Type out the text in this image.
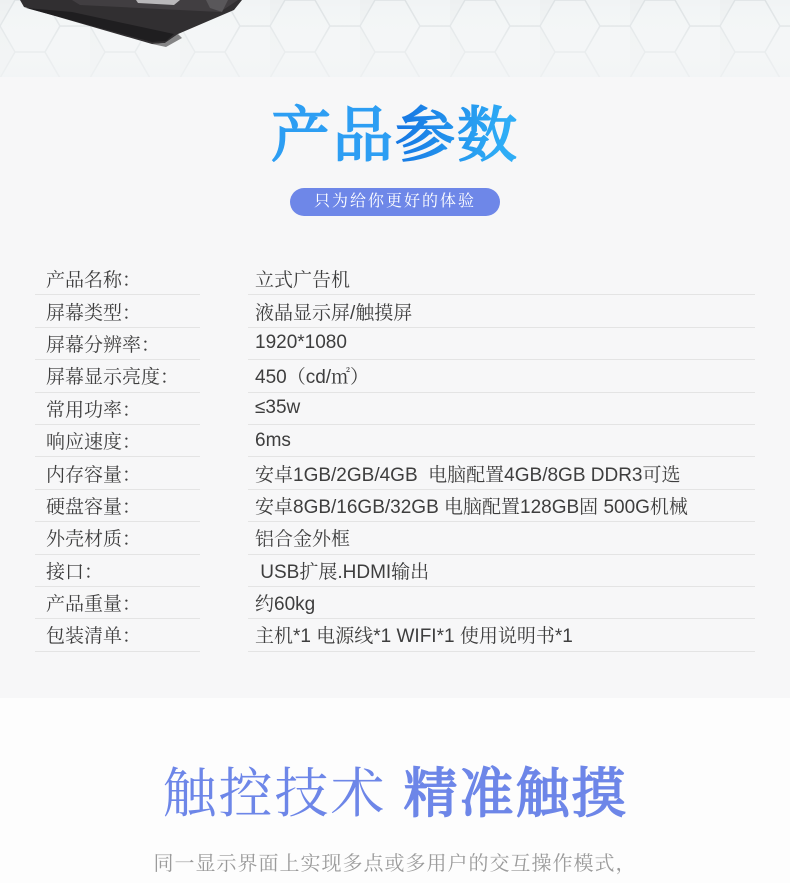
产品参数
只为给你更好的体验
产品名称：	立式广告机
屏幕类型：	液晶显示屏/触摸屏
屏幕分辨率：	1920*1080
屏幕显示亮度：	450（cd/㎡）
常用功率：	≤35w
响应速度：	6ms
内存容量：	安卓1GB/2GB/4GB  电脑配置4GB/8GB DDR3可选
硬盘容量：	安卓8GB/16GB/32GB 电脑配置128GB固 500G机械
外壳材质：	铝合金外框
接口：	USB扩展.HDMI输出
产品重量：	约60kg
包装清单：	主机*1 电源线*1 WIFI*1 使用说明书*1
触控技术 精准触摸

同一显示界面上实现多点或多用户的交互操作模式，
